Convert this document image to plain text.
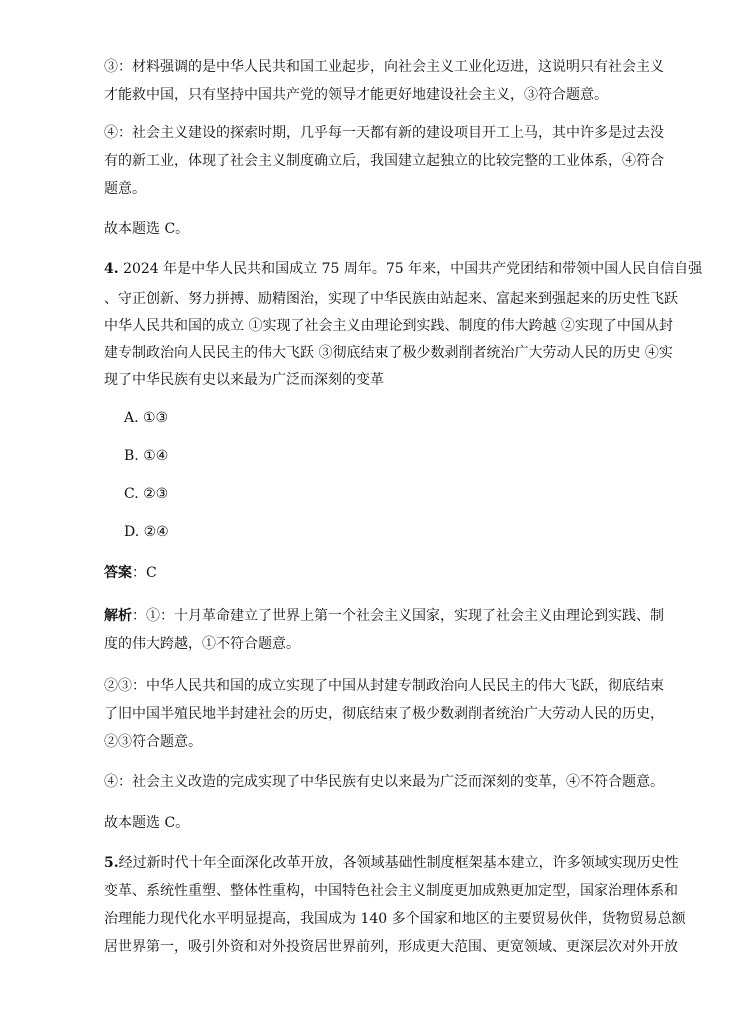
③：材料强调的是中华人民共和国工业起步，向社会主义工业化迈进，这说明只有社会主义
才能救中国，只有坚持中国共产党的领导才能更好地建设社会主义，③符合题意。
④：社会主义建设的探索时期，几乎每一天都有新的建设项目开工上马，其中许多是过去没
有的新工业，体现了社会主义制度确立后，我国建立起独立的比较完整的工业体系，④符合
题意。
故本题选 C。
4. 2024 年是中华人民共和国成立 75 周年。75 年来，中国共产党团结和带领中国人民自信自强
、守正创新、努力拼搏、励精图治，实现了中华民族由站起来、富起来到强起来的历史性飞跃
中华人民共和国的成立 ①实现了社会主义由理论到实践、制度的伟大跨越 ②实现了中国从封
建专制政治向人民民主的伟大飞跃 ③彻底结束了极少数剥削者统治广大劳动人民的历史 ④实
现了中华民族有史以来最为广泛而深刻的变革
A. ①③
B. ①④
C. ②③
D. ②④
答案：C
解析：①：十月革命建立了世界上第一个社会主义国家，实现了社会主义由理论到实践、制
度的伟大跨越，①不符合题意。
②③：中华人民共和国的成立实现了中国从封建专制政治向人民民主的伟大飞跃，彻底结束
了旧中国半殖民地半封建社会的历史，彻底结束了极少数剥削者统治广大劳动人民的历史，
②③符合题意。
④：社会主义改造的完成实现了中华民族有史以来最为广泛而深刻的变革，④不符合题意。
故本题选 C。
5.经过新时代十年全面深化改革开放，各领域基础性制度框架基本建立，许多领域实现历史性
变革、系统性重塑、整体性重构，中国特色社会主义制度更加成熟更加定型，国家治理体系和
治理能力现代化水平明显提高，我国成为 140 多个国家和地区的主要贸易伙伴，货物贸易总额
居世界第一，吸引外资和对外投资居世界前列，形成更大范围、更宽领域、更深层次对外开放
